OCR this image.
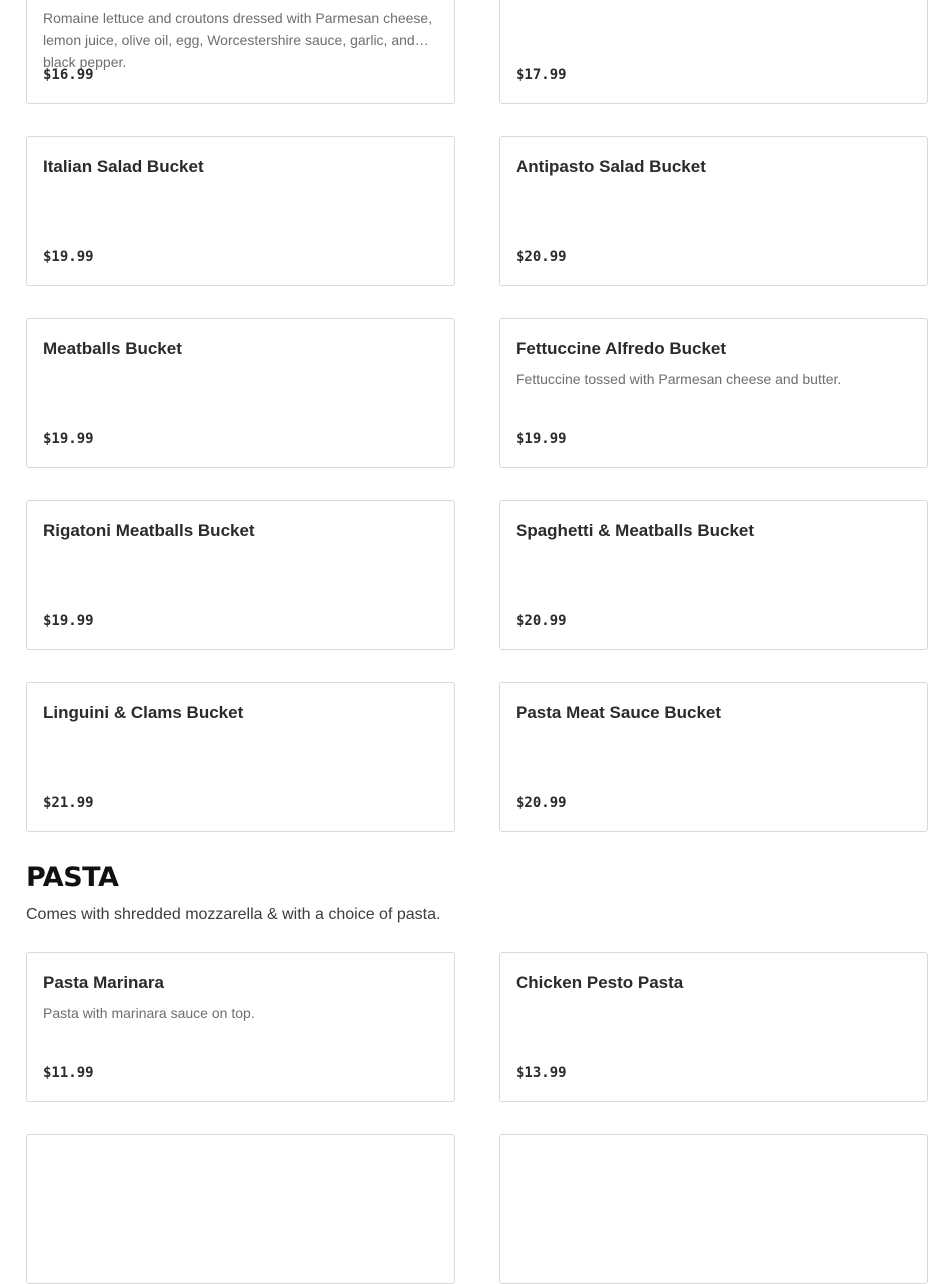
Romaine lettuce and croutons dressed with Parmesan cheese, lemon juice, olive oil, egg, Worcestershire sauce, garlic, and black pepper.
$16.99	$17.99
Italian Salad Bucket
$19.99
Antipasto Salad Bucket
$20.99
Meatballs Bucket
$19.99
Fettuccine Alfredo Bucket
Fettuccine tossed with Parmesan cheese and butter.
$19.99
Rigatoni Meatballs Bucket
$19.99
Spaghetti & Meatballs Bucket
$20.99
Linguini & Clams Bucket
$21.99
Pasta Meat Sauce Bucket
$20.99
PASTA
Comes with shredded mozzarella & with a choice of pasta.
Pasta Marinara
Pasta with marinara sauce on top.
$11.99
Chicken Pesto Pasta
$13.99
